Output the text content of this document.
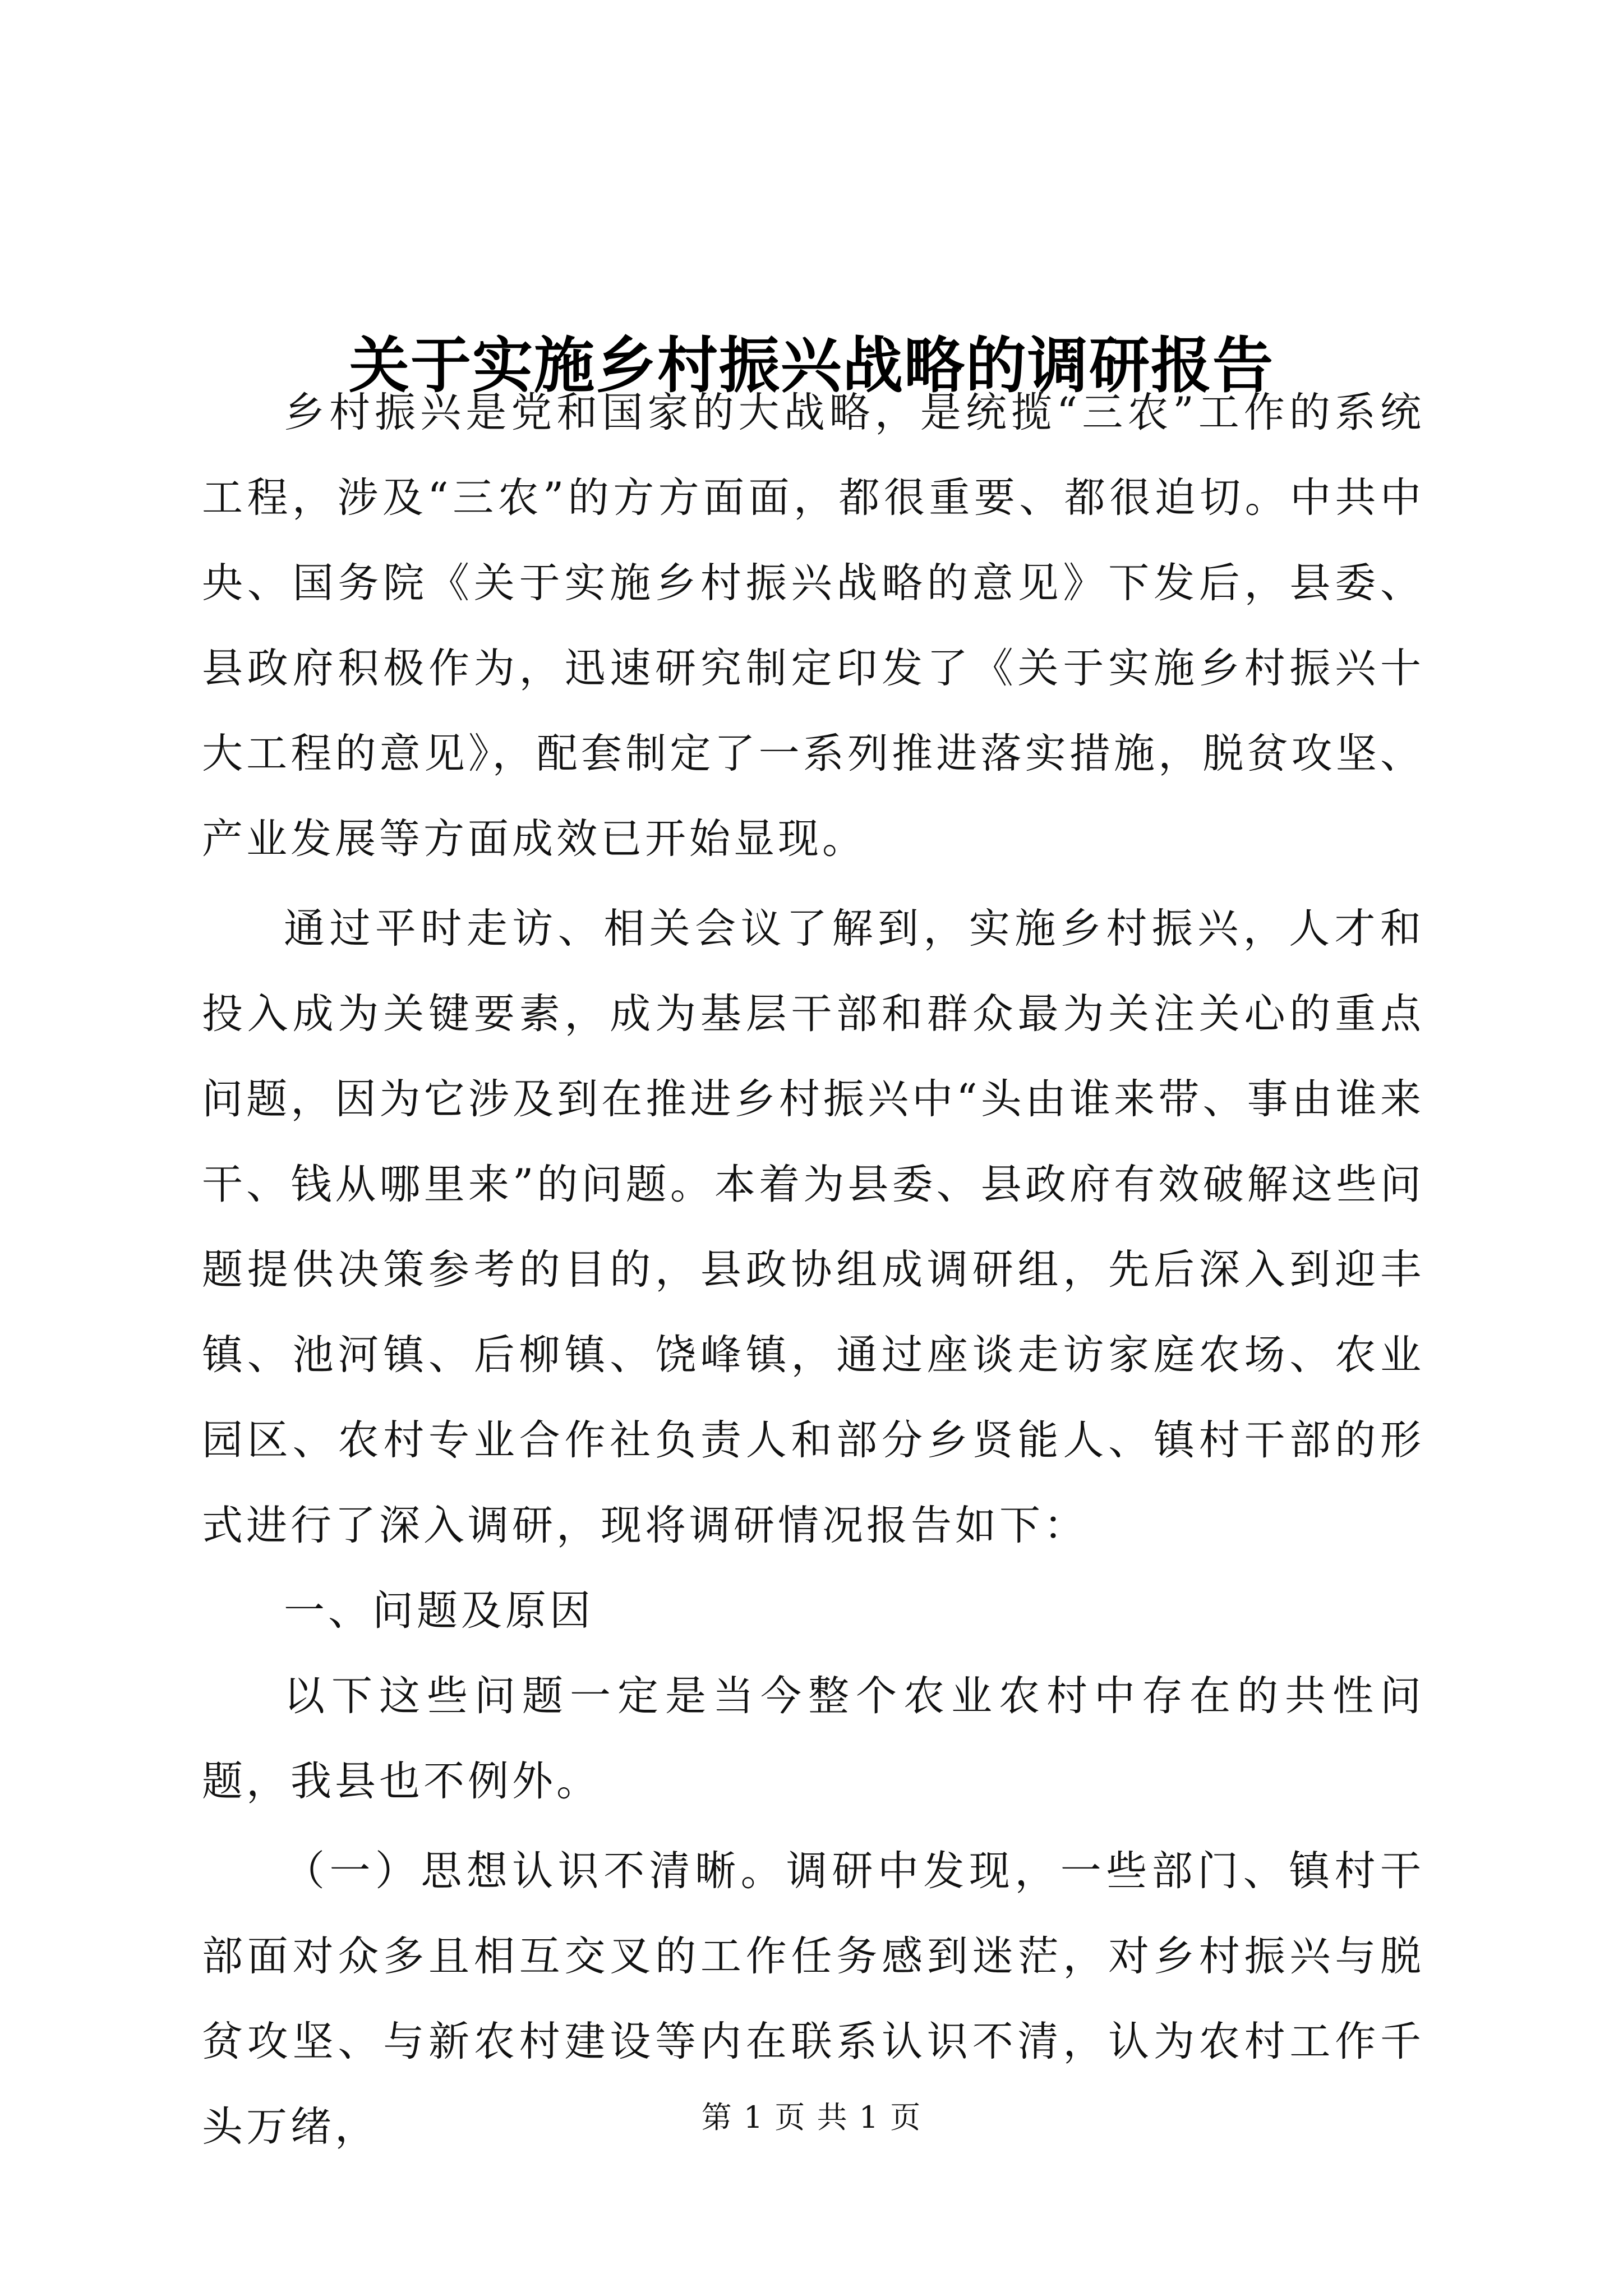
关于实施乡村振兴战略的调研报告

乡村振兴是党和国家的大战略，是统揽“三农”工作的系统工程，涉及“三农”的方方面面，都很重要、都很迫切。中共中央、国务院《关于实施乡村振兴战略的意见》下发后，县委、县政府积极作为，迅速研究制定印发了《关于实施乡村振兴十大工程的意见》，配套制定了一系列推进落实措施，脱贫攻坚、产业发展等方面成效已开始显现。

通过平时走访、相关会议了解到，实施乡村振兴，人才和投入成为关键要素，成为基层干部和群众最为关注关心的重点问题，因为它涉及到在推进乡村振兴中“头由谁来带、事由谁来干、钱从哪里来”的问题。本着为县委、县政府有效破解这些问题提供决策参考的目的，县政协组成调研组，先后深入到迎丰镇、池河镇、后柳镇、饶峰镇，通过座谈走访家庭农场、农业园区、农村专业合作社负责人和部分乡贤能人、镇村干部的形式进行了深入调研，现将调研情况报告如下：

一、问题及原因

以下这些问题一定是当今整个农业农村中存在的共性问题，我县也不例外。

（一）思想认识不清晰。调研中发现，一些部门、镇村干部面对众多且相互交叉的工作任务感到迷茫，对乡村振兴与脱贫攻坚、与新农村建设等内在联系认识不清，认为农村工作千头万绪，	第 1 页 共 1 页
